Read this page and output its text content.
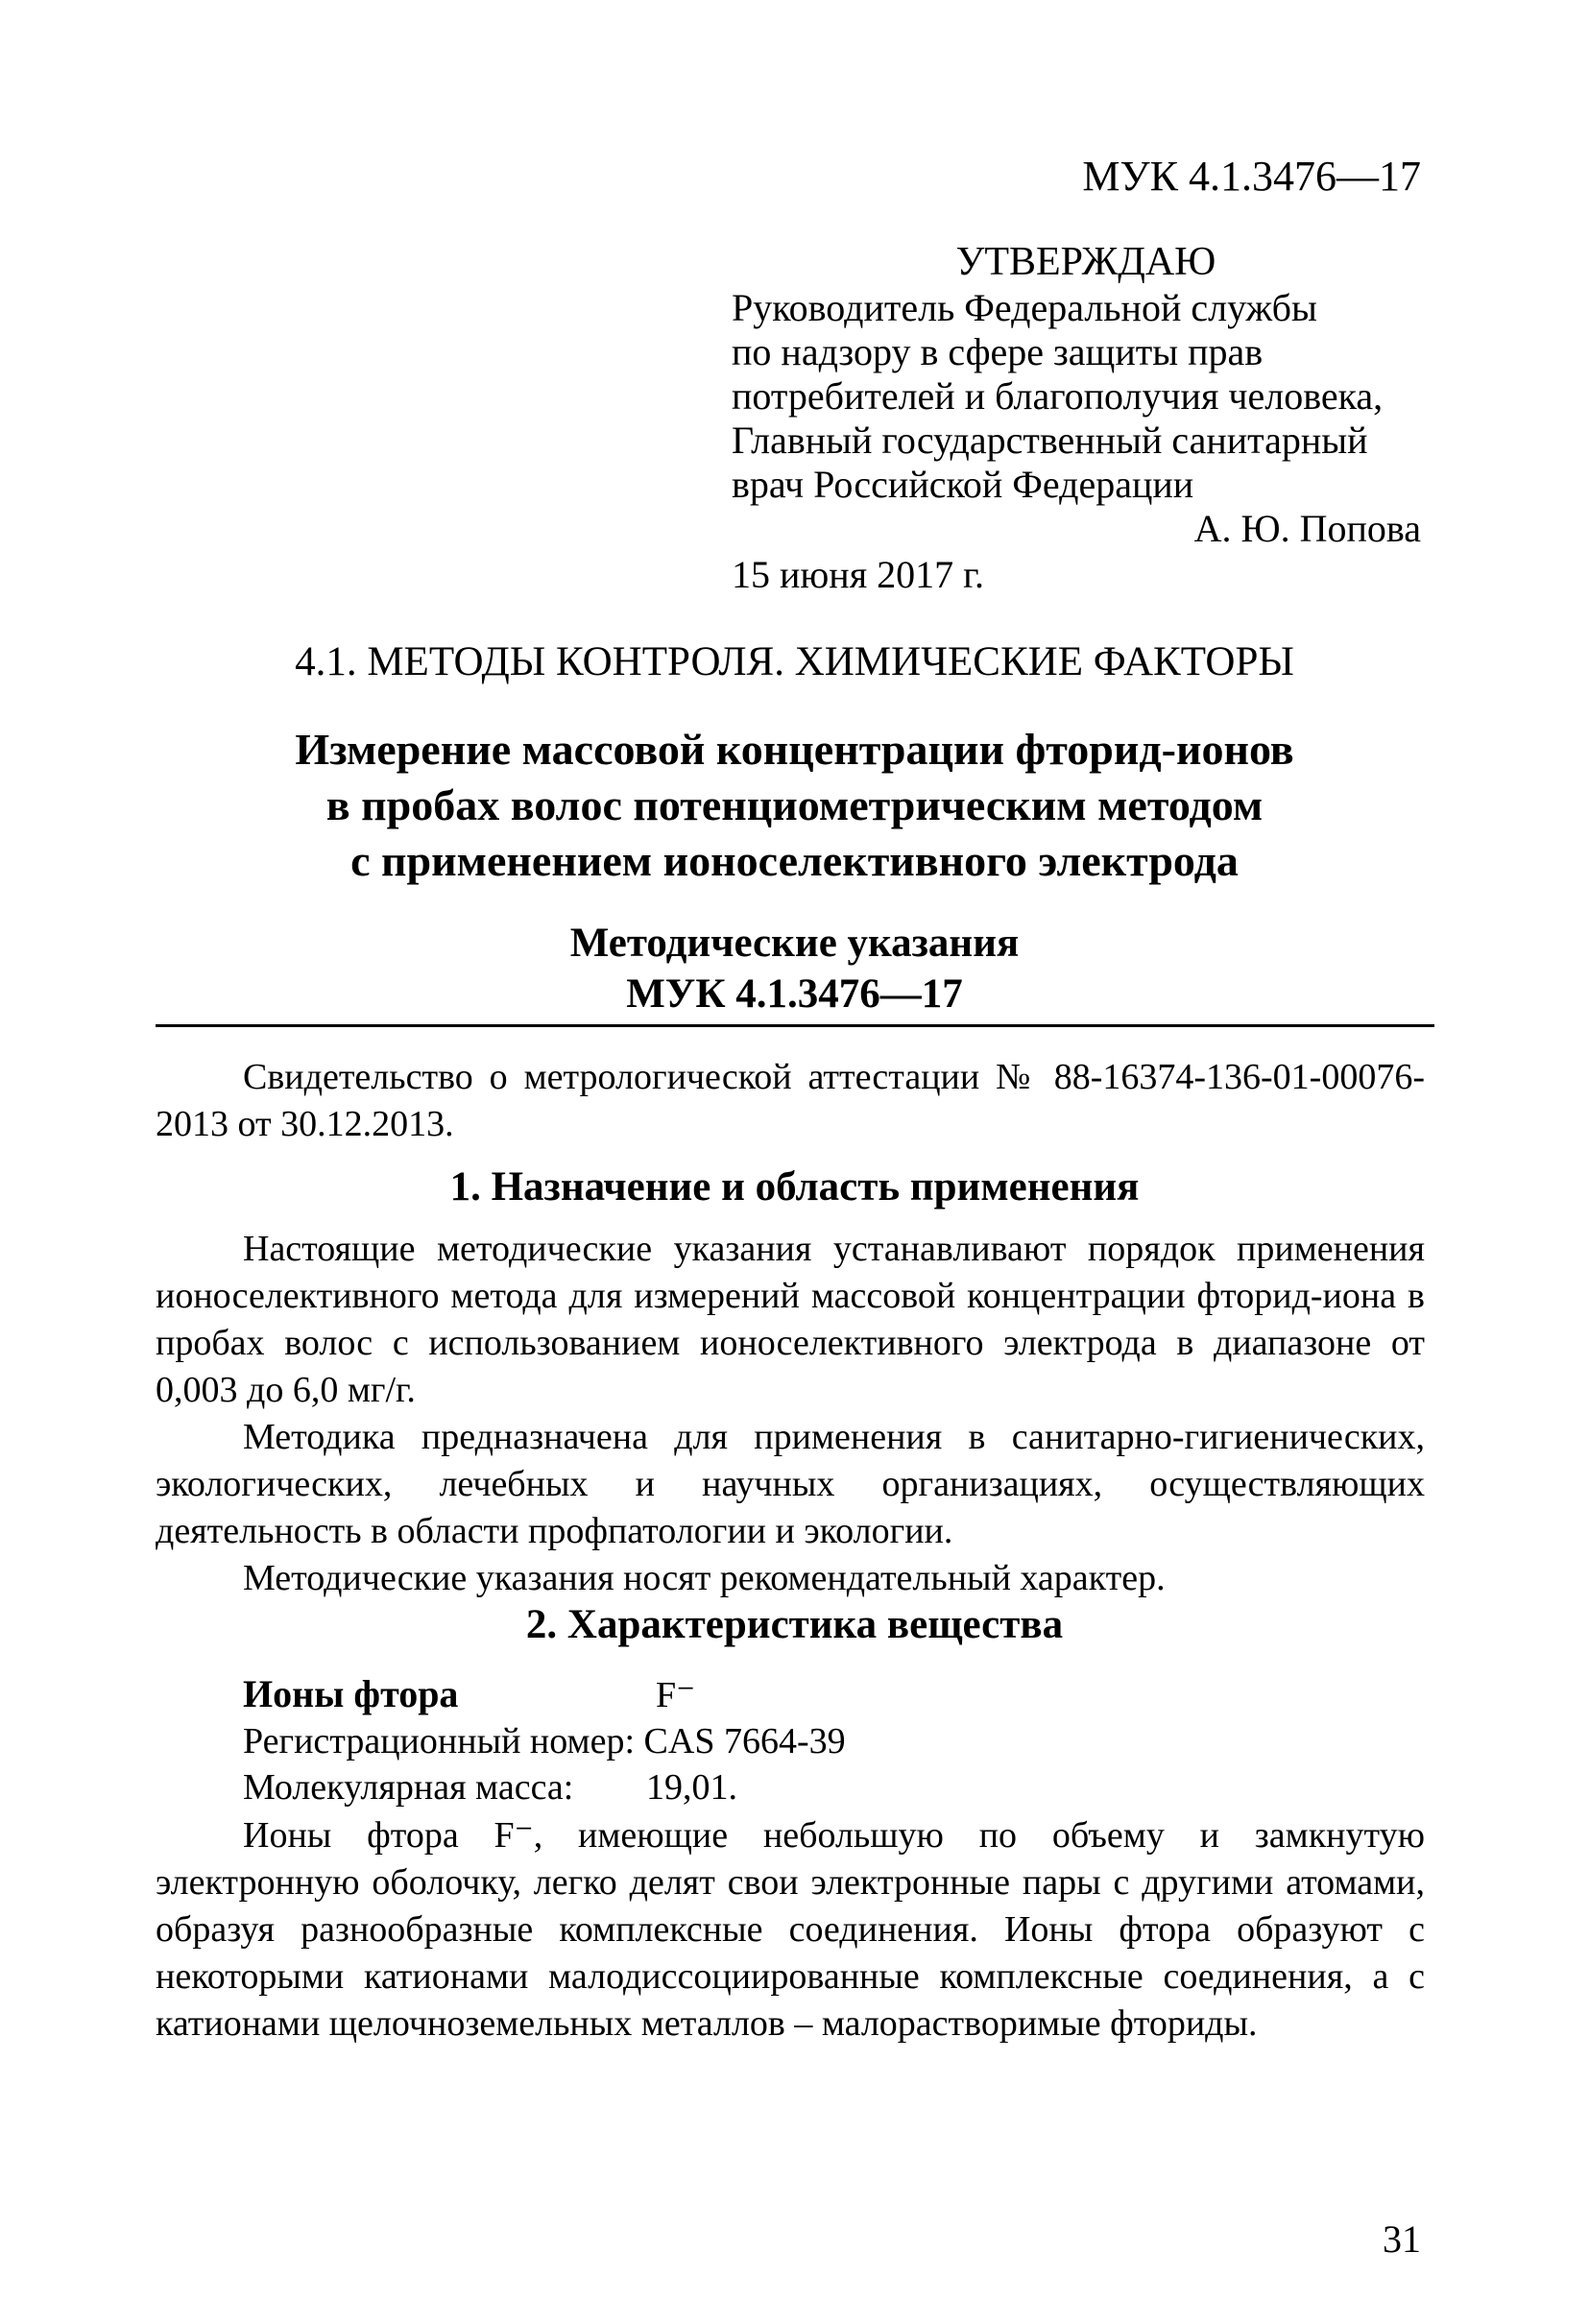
МУК 4.1.3476—17
УТВЕРЖДАЮ
Руководитель Федеральной службы
по надзору в сфере защиты прав
потребителей и благополучия человека,
Главный государственный санитарный
врач Российской Федерации
А. Ю. Попова
15 июня 2017 г.
4.1. МЕТОДЫ КОНТРОЛЯ. ХИМИЧЕСКИЕ ФАКТОРЫ
Измерение массовой концентрации фторид-ионов
в пробах волос потенциометрическим методом
с применением ионоселективного электрода
Методические указания
МУК 4.1.3476—17

Свидетельство о метрологической аттестации № 88-16374-136-01-00076-2013 от 30.12.2013.

1. Назначение и область применения

Настоящие методические указания устанавливают порядок применения ионоселективного метода для измерений массовой концентрации фторид-иона в пробах волос с использованием ионоселективного электрода в диапазоне от 0,003 до 6,0 мг/г.

Методика предназначена для применения в санитарно-гигиенических, экологических, лечебных и научных организациях, осуществляющих деятельность в области профпатологии и экологии.

Методические указания носят рекомендательный характер.

2. Характеристика вещества
Ионы фтора	F⁻
Регистрационный номер: CAS 7664-39
Молекулярная масса: 19,01.

Ионы фтора F⁻, имеющие небольшую по объему и замкнутую электронную оболочку, легко делят свои электронные пары с другими атомами, образуя разнообразные комплексные соединения. Ионы фтора образуют с некоторыми катионами малодиссоциированные комплексные соединения, а с катионами щелочноземельных металлов – малорастворимые фториды.

31
